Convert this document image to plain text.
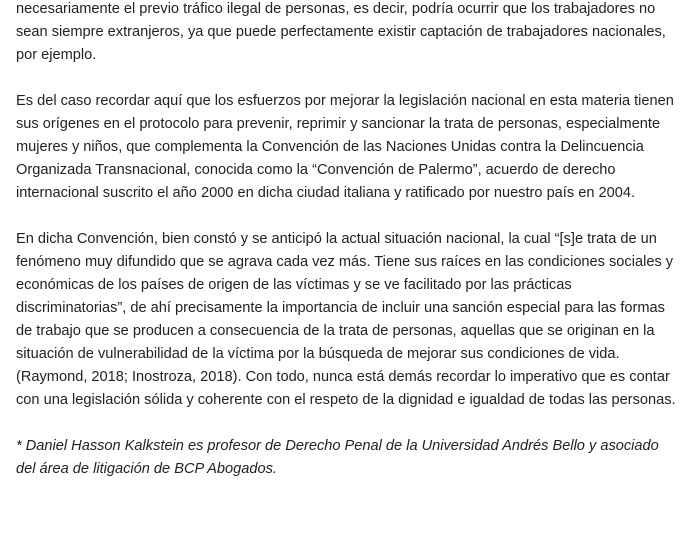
necesariamente el previo tráfico ilegal de personas, es decir, podría ocurrir que los trabajadores no sean siempre extranjeros, ya que puede perfectamente existir captación de trabajadores nacionales, por ejemplo.

Es del caso recordar aquí que los esfuerzos por mejorar la legislación nacional en esta materia tienen sus orígenes en el protocolo para prevenir, reprimir y sancionar la trata de personas, especialmente mujeres y niños, que complementa la Convención de las Naciones Unidas contra la Delincuencia Organizada Transnacional, conocida como la “Convención de Palermo”, acuerdo de derecho internacional suscrito el año 2000 en dicha ciudad italiana y ratificado por nuestro país en 2004.

En dicha Convención, bien constó y se anticipó la actual situación nacional, la cual “[s]e trata de un fenómeno muy difundido que se agrava cada vez más. Tiene sus raíces en las condiciones sociales y económicas de los países de origen de las víctimas y se ve facilitado por las prácticas discriminatorias”, de ahí precisamente la importancia de incluir una sanción especial para las formas de trabajo que se producen a consecuencia de la trata de personas, aquellas que se originan en la situación de vulnerabilidad de la víctima por la búsqueda de mejorar sus condiciones de vida. (Raymond, 2018; Inostroza, 2018). Con todo, nunca está demás recordar lo imperativo que es contar con una legislación sólida y coherente con el respeto de la dignidad e igualdad de todas las personas.

* Daniel Hasson Kalkstein es profesor de Derecho Penal de la Universidad Andrés Bello y asociado del área de litigación de BCP Abogados.
